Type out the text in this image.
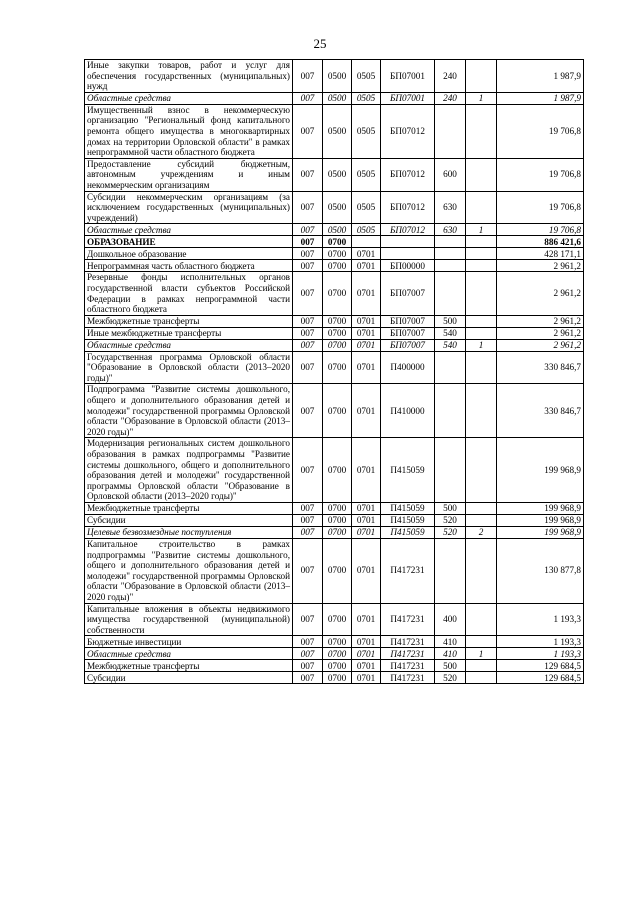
25
Иные закупки товаров, работ и услуг для обеспечения государственных (муниципальных) нужд	007	0500	0505	БП07001	240		1 987,9
Областные средства	007	0500	0505	БП07001	240	1	1 987,9
Имущественный взнос в некоммерческую организацию "Региональный фонд капитального ремонта общего имущества в многоквартирных домах на территории Орловской области" в рамках непрограммной части областного бюджета	007	0500	0505	БП07012			19 706,8
Предоставление субсидий бюджетным, автономным учреждениям и иным некоммерческим организациям	007	0500	0505	БП07012	600		19 706,8
Субсидии некоммерческим организациям (за исключением государственных (муниципальных) учреждений)	007	0500	0505	БП07012	630		19 706,8
Областные средства	007	0500	0505	БП07012	630	1	19 706,8
ОБРАЗОВАНИЕ	007	0700					886 421,6
Дошкольное образование	007	0700	0701				428 171,1
Непрограммная часть областного бюджета	007	0700	0701	БП00000			2 961,2
Резервные фонды исполнительных органов государственной власти субъектов Российской Федерации в рамках непрограммной части областного бюджета	007	0700	0701	БП07007			2 961,2
Межбюджетные трансферты	007	0700	0701	БП07007	500		2 961,2
Иные межбюджетные трансферты	007	0700	0701	БП07007	540		2 961,2
Областные средства	007	0700	0701	БП07007	540	1	2 961,2
Государственная программа Орловской области "Образование в Орловской области (2013–2020 годы)"	007	0700	0701	П400000			330 846,7
Подпрограмма "Развитие системы дошкольного, общего и дополнительного образования детей и молодежи" государственной программы Орловской области "Образование в Орловской области (2013–2020 годы)"	007	0700	0701	П410000			330 846,7
Модернизация региональных систем дошкольного образования в рамках подпрограммы "Развитие системы дошкольного, общего и дополнительного образования детей и молодежи" государственной программы Орловской области "Образование в Орловской области (2013–2020 годы)"	007	0700	0701	П415059			199 968,9
Межбюджетные трансферты	007	0700	0701	П415059	500		199 968,9
Субсидии	007	0700	0701	П415059	520		199 968,9
Целевые безвозмездные поступления	007	0700	0701	П415059	520	2	199 968,9
Капитальное строительство в рамках подпрограммы "Развитие системы дошкольного, общего и дополнительного образования детей и молодежи" государственной программы Орловской области "Образование в Орловской области (2013–2020 годы)"	007	0700	0701	П417231			130 877,8
Капитальные вложения в объекты недвижимого имущества государственной (муниципальной) собственности	007	0700	0701	П417231	400		1 193,3
Бюджетные инвестиции	007	0700	0701	П417231	410		1 193,3
Областные средства	007	0700	0701	П417231	410	1	1 193,3
Межбюджетные трансферты	007	0700	0701	П417231	500		129 684,5
Субсидии	007	0700	0701	П417231	520		129 684,5
